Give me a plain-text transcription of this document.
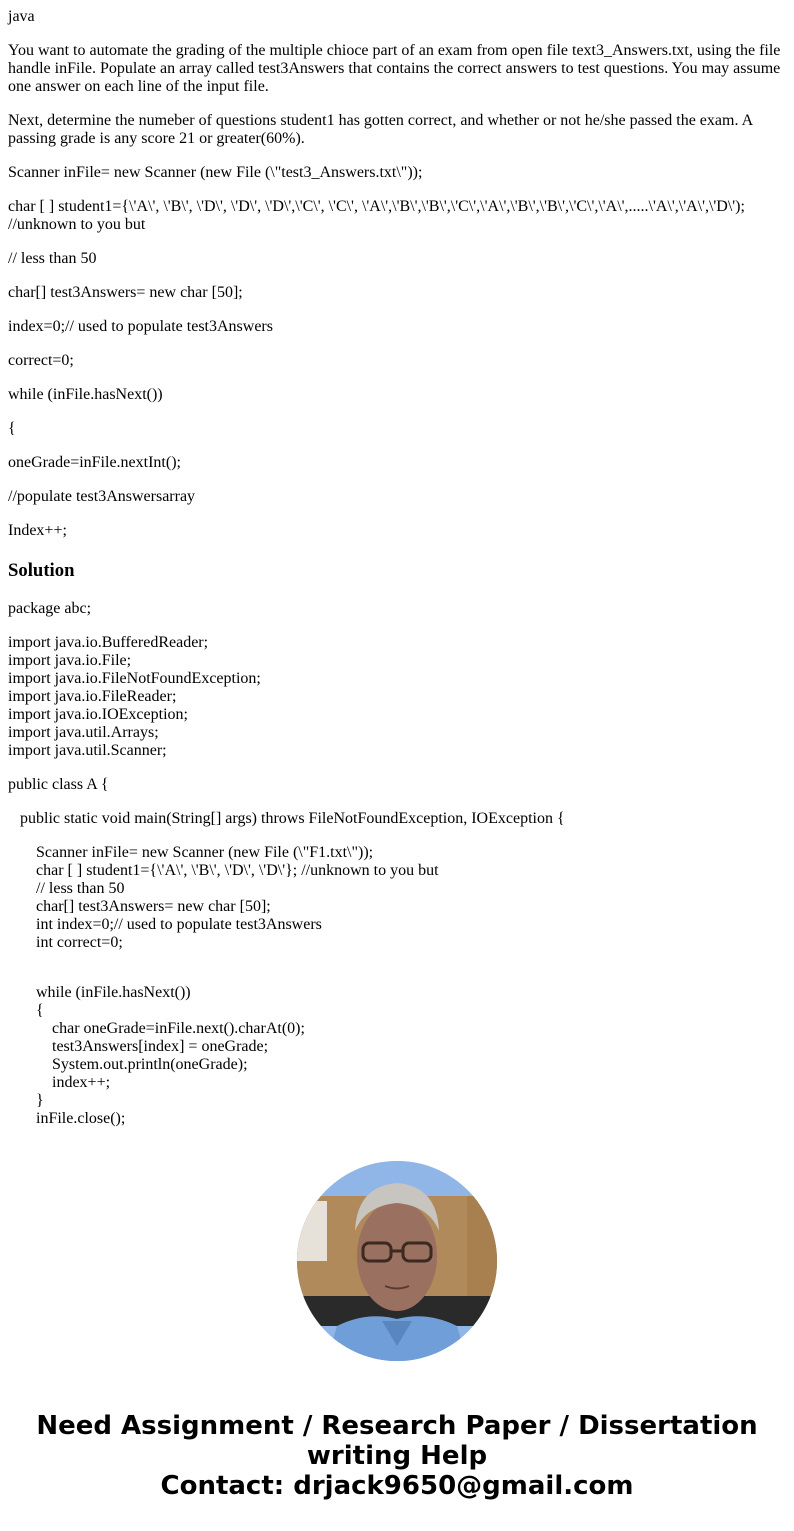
java

You want to automate the grading of the multiple chioce part of an exam from open file text3_Answers.txt, using the file handle inFile. Populate an array called test3Answers that contains the correct answers to test questions. You may assume one answer on each line of the input file.

Next, determine the numeber of questions student1 has gotten correct, and whether or not he/she passed the exam. A passing grade is any score 21 or greater(60%).

Scanner inFile= new Scanner (new File (\"test3_Answers.txt\"));

char [ ] student1={\'A\', \'B\', \'D\', \'D\', \'D\',\'C\', \'C\', \'A\',\'B\',\'B\',\'C\',\'A\',\'B\',\'B\',\'C\',\'A\',.....\'A\',\'A\',\'D\');
//unknown to you but

// less than 50

char[] test3Answers= new char [50];

index=0;// used to populate test3Answers

correct=0;

while (inFile.hasNext())

{

oneGrade=inFile.nextInt();

//populate test3Answersarray

Index++;

Solution
package abc;
import java.io.BufferedReader;
import java.io.File;
import java.io.FileNotFoundException;
import java.io.FileReader;
import java.io.IOException;
import java.util.Arrays;
import java.util.Scanner;
public class A {
public static void main(String[] args) throws FileNotFoundException, IOException {
Scanner inFile= new Scanner (new File (\"F1.txt\"));
char [ ] student1={\'A\', \'B\', \'D\', \'D\'}; //unknown to you but
// less than 50
char[] test3Answers= new char [50];
int index=0;// used to populate test3Answers
int correct=0;
while (inFile.hasNext())
{
char oneGrade=inFile.next().charAt(0);
test3Answers[index] = oneGrade;
System.out.println(oneGrade);
index++;
}
inFile.close();
Need Assignment / Research Paper / Dissertation
writing Help
Contact: drjack9650@gmail.com
